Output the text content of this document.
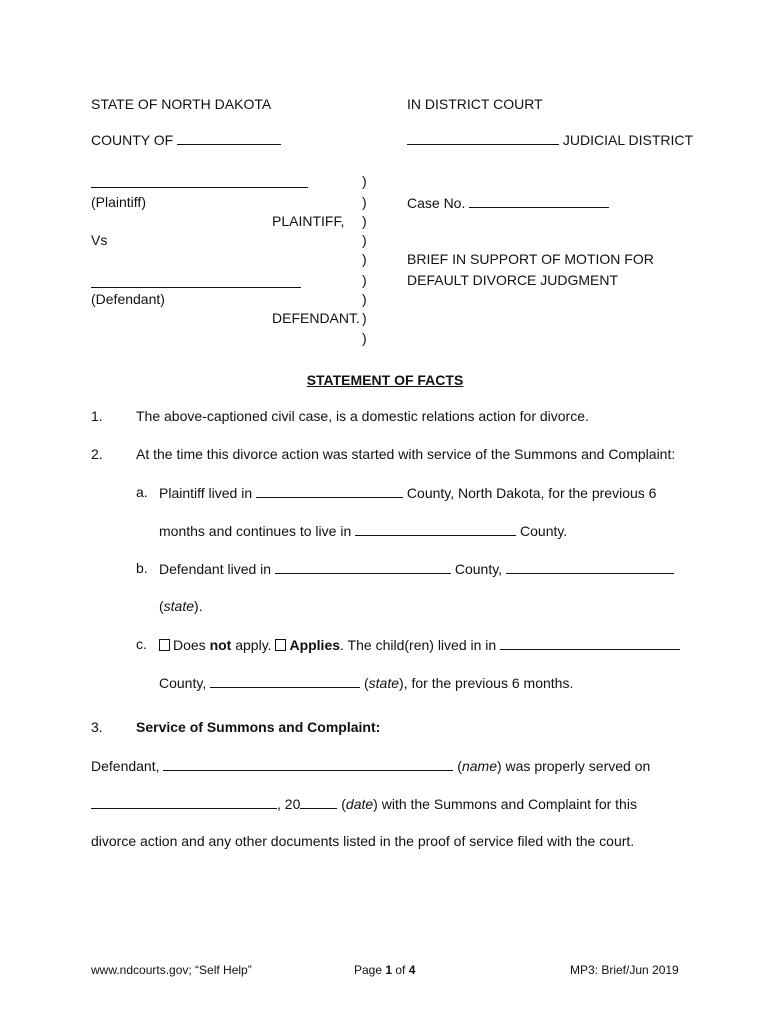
STATE OF NORTH DAKOTA	IN DISTRICT COURT
COUNTY OF	JUDICIAL DISTRICT
(Plaintiff)
PLAINTIFF,
Vs
(Defendant)
DEFENDANT.
)
)
)
)
)
)
)
)
)
Case No.
BRIEF IN SUPPORT OF MOTION FOR
DEFAULT DIVORCE JUDGMENT
STATEMENT OF FACTS
1. The above-captioned civil case, is a domestic relations action for divorce.
2. At the time this divorce action was started with service of the Summons and Complaint:
a. Plaintiff lived in	County, North Dakota, for the previous 6
months and continues to live in	County.
b. Defendant lived in	County,
(state).
c.	Does not apply. Applies. The child(ren) lived in in
County,	(state), for the previous 6 months.
3. Service of Summons and Complaint:
Defendant,	(name) was properly served on
, 20	(date) with the Summons and Complaint for this
divorce action and any other documents listed in the proof of service filed with the court.
www.ndcourts.gov; “Self Help”	Page 1 of 4	MP3: Brief/Jun 2019
